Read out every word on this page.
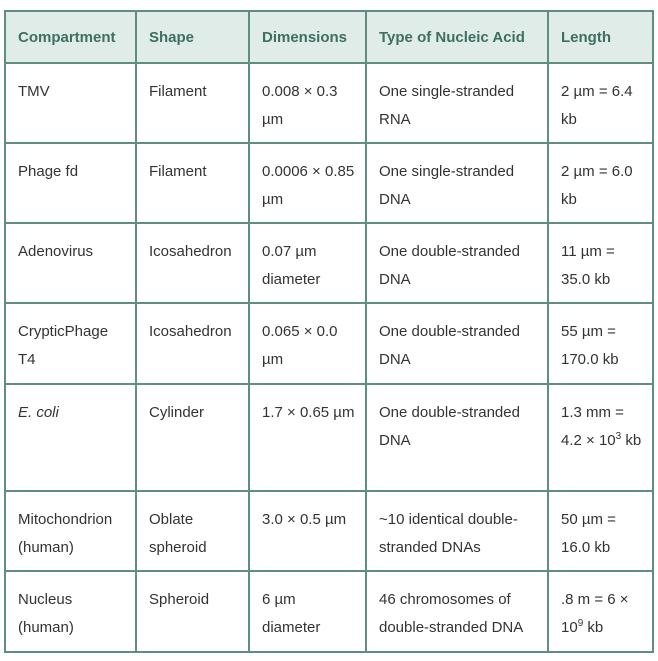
Compartment	Shape	Dimensions	Type of Nucleic Acid	Length
TMV	Filament	0.008 × 0.3 µm	One single-stranded RNA	2 µm = 6.4 kb
Phage fd	Filament	0.0006 × 0.85 µm	One single-stranded DNA	2 µm = 6.0 kb
Adenovirus	Icosahedron	0.07 µm diameter	One double-stranded DNA	11 µm = 35.0 kb
CrypticPhage T4	Icosahedron	0.065 × 0.0 µm	One double-stranded DNA	55 µm = 170.0 kb
E. coli	Cylinder	1.7 × 0.65 µm	One double-stranded DNA	1.3 mm = $4.2 \times 10^3$ kb
Mitochondrion (human)	Oblate spheroid	3.0 × 0.5 µm	~10 identical double-stranded DNAs	50 µm = 16.0 kb
Nucleus (human)	Spheroid	6 µm diameter	46 chromosomes of double-stranded DNA	.8 $m = 6 \times 10^9$ kb
